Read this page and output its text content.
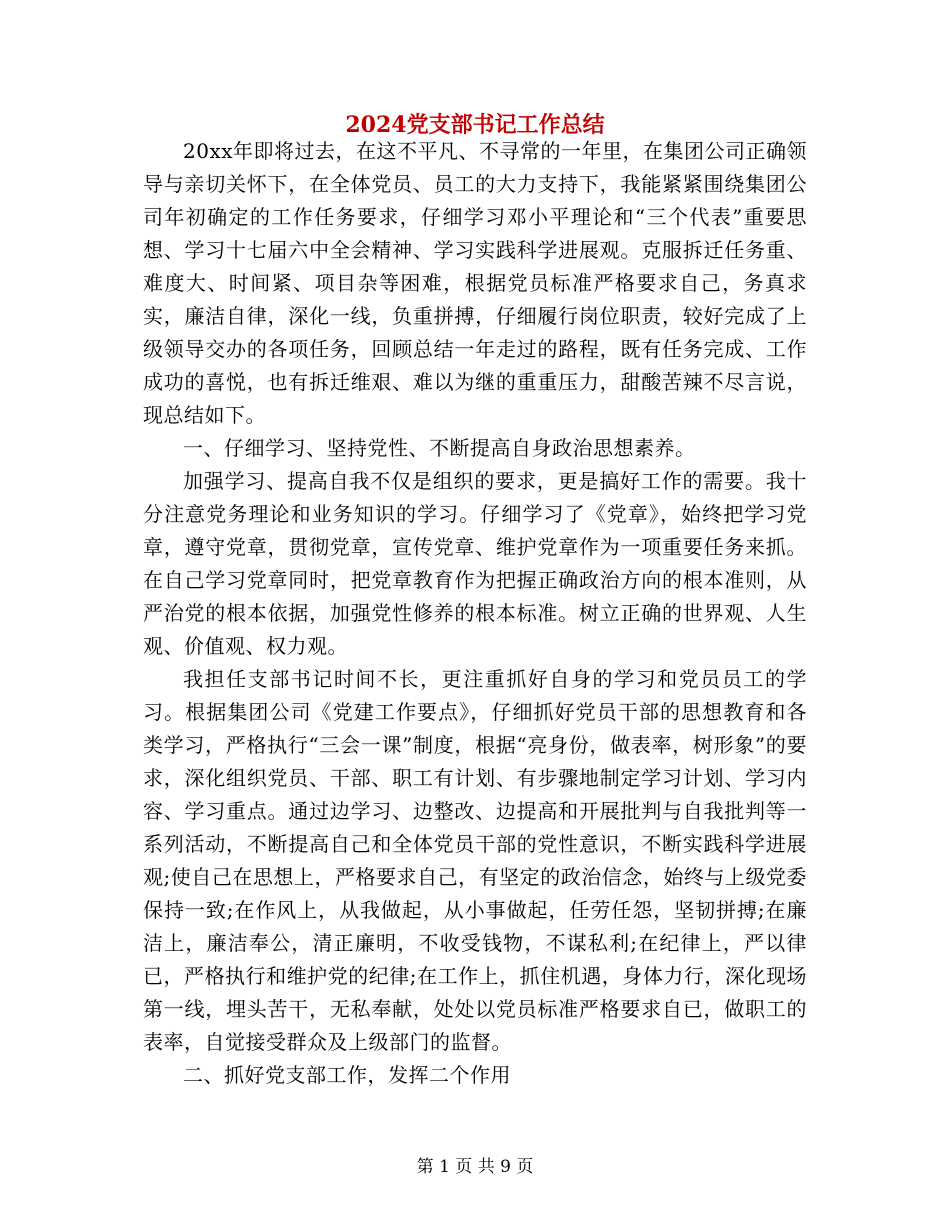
2024党支部书记工作总结

20xx年即将过去，在这不平凡、不寻常的一年里，在集团公司正确领导与亲切关怀下，在全体党员、员工的大力支持下，我能紧紧围绕集团公司年初确定的工作任务要求，仔细学习邓小平理论和“三个代表”重要思想、学习十七届六中全会精神、学习实践科学进展观。克服拆迁任务重、难度大、时间紧、项目杂等困难，根据党员标准严格要求自己，务真求实，廉洁自律，深化一线，负重拼搏，仔细履行岗位职责，较好完成了上级领导交办的各项任务，回顾总结一年走过的路程，既有任务完成、工作成功的喜悦，也有拆迁维艰、难以为继的重重压力，甜酸苦辣不尽言说，现总结如下。

一、仔细学习、坚持党性、不断提高自身政治思想素养。

加强学习、提高自我不仅是组织的要求，更是搞好工作的需要。我十分注意党务理论和业务知识的学习。仔细学习了《党章》，始终把学习党章，遵守党章，贯彻党章，宣传党章、维护党章作为一项重要任务来抓。在自己学习党章同时，把党章教育作为把握正确政治方向的根本准则，从严治党的根本依据，加强党性修养的根本标准。树立正确的世界观、人生观、价值观、权力观。

我担任支部书记时间不长，更注重抓好自身的学习和党员员工的学习。根据集团公司《党建工作要点》，仔细抓好党员干部的思想教育和各类学习，严格执行“三会一课”制度，根据“亮身份，做表率，树形象”的要求，深化组织党员、干部、职工有计划、有步骤地制定学习计划、学习内容、学习重点。通过边学习、边整改、边提高和开展批判与自我批判等一系列活动，不断提高自己和全体党员干部的党性意识，不断实践科学进展观;使自己在思想上，严格要求自己，有坚定的政治信念，始终与上级党委保持一致;在作风上，从我做起，从小事做起，任劳任怨，坚韧拼搏;在廉洁上，廉洁奉公，清正廉明，不收受钱物，不谋私利;在纪律上，严以律已，严格执行和维护党的纪律;在工作上，抓住机遇，身体力行，深化现场第一线，埋头苦干，无私奉献，处处以党员标准严格要求自已，做职工的表率，自觉接受群众及上级部门的监督。

二、抓好党支部工作，发挥二个作用

第 1 页 共 9 页
